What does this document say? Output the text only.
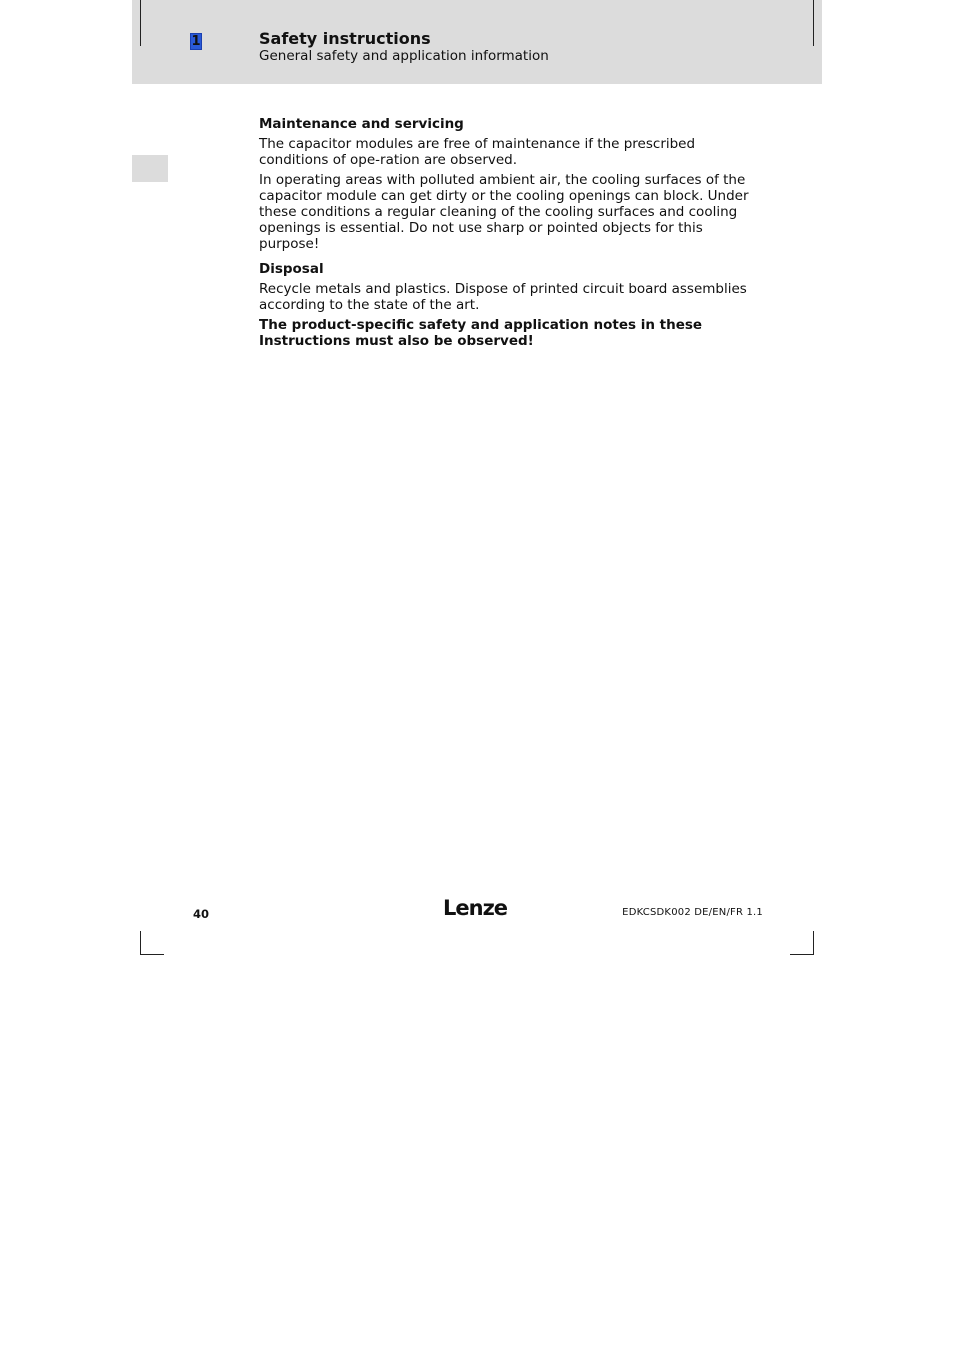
1	Safety instructions
General safety and application information
Maintenance and servicing

The capacitor modules are free of maintenance if the prescribed conditions of ope-ration are observed.

In operating areas with polluted ambient air, the cooling surfaces of the capacitor module can get dirty or the cooling openings can block. Under these conditions a regular cleaning of the cooling surfaces and cooling openings is essential. Do not use sharp or pointed objects for this purpose!

Disposal

Recycle metals and plastics. Dispose of printed circuit board assemblies according to the state of the art.

The product-specific safety and application notes in these Instructions must also be observed!

40	Lenze	EDKCSDK002 DE/EN/FR 1.1
